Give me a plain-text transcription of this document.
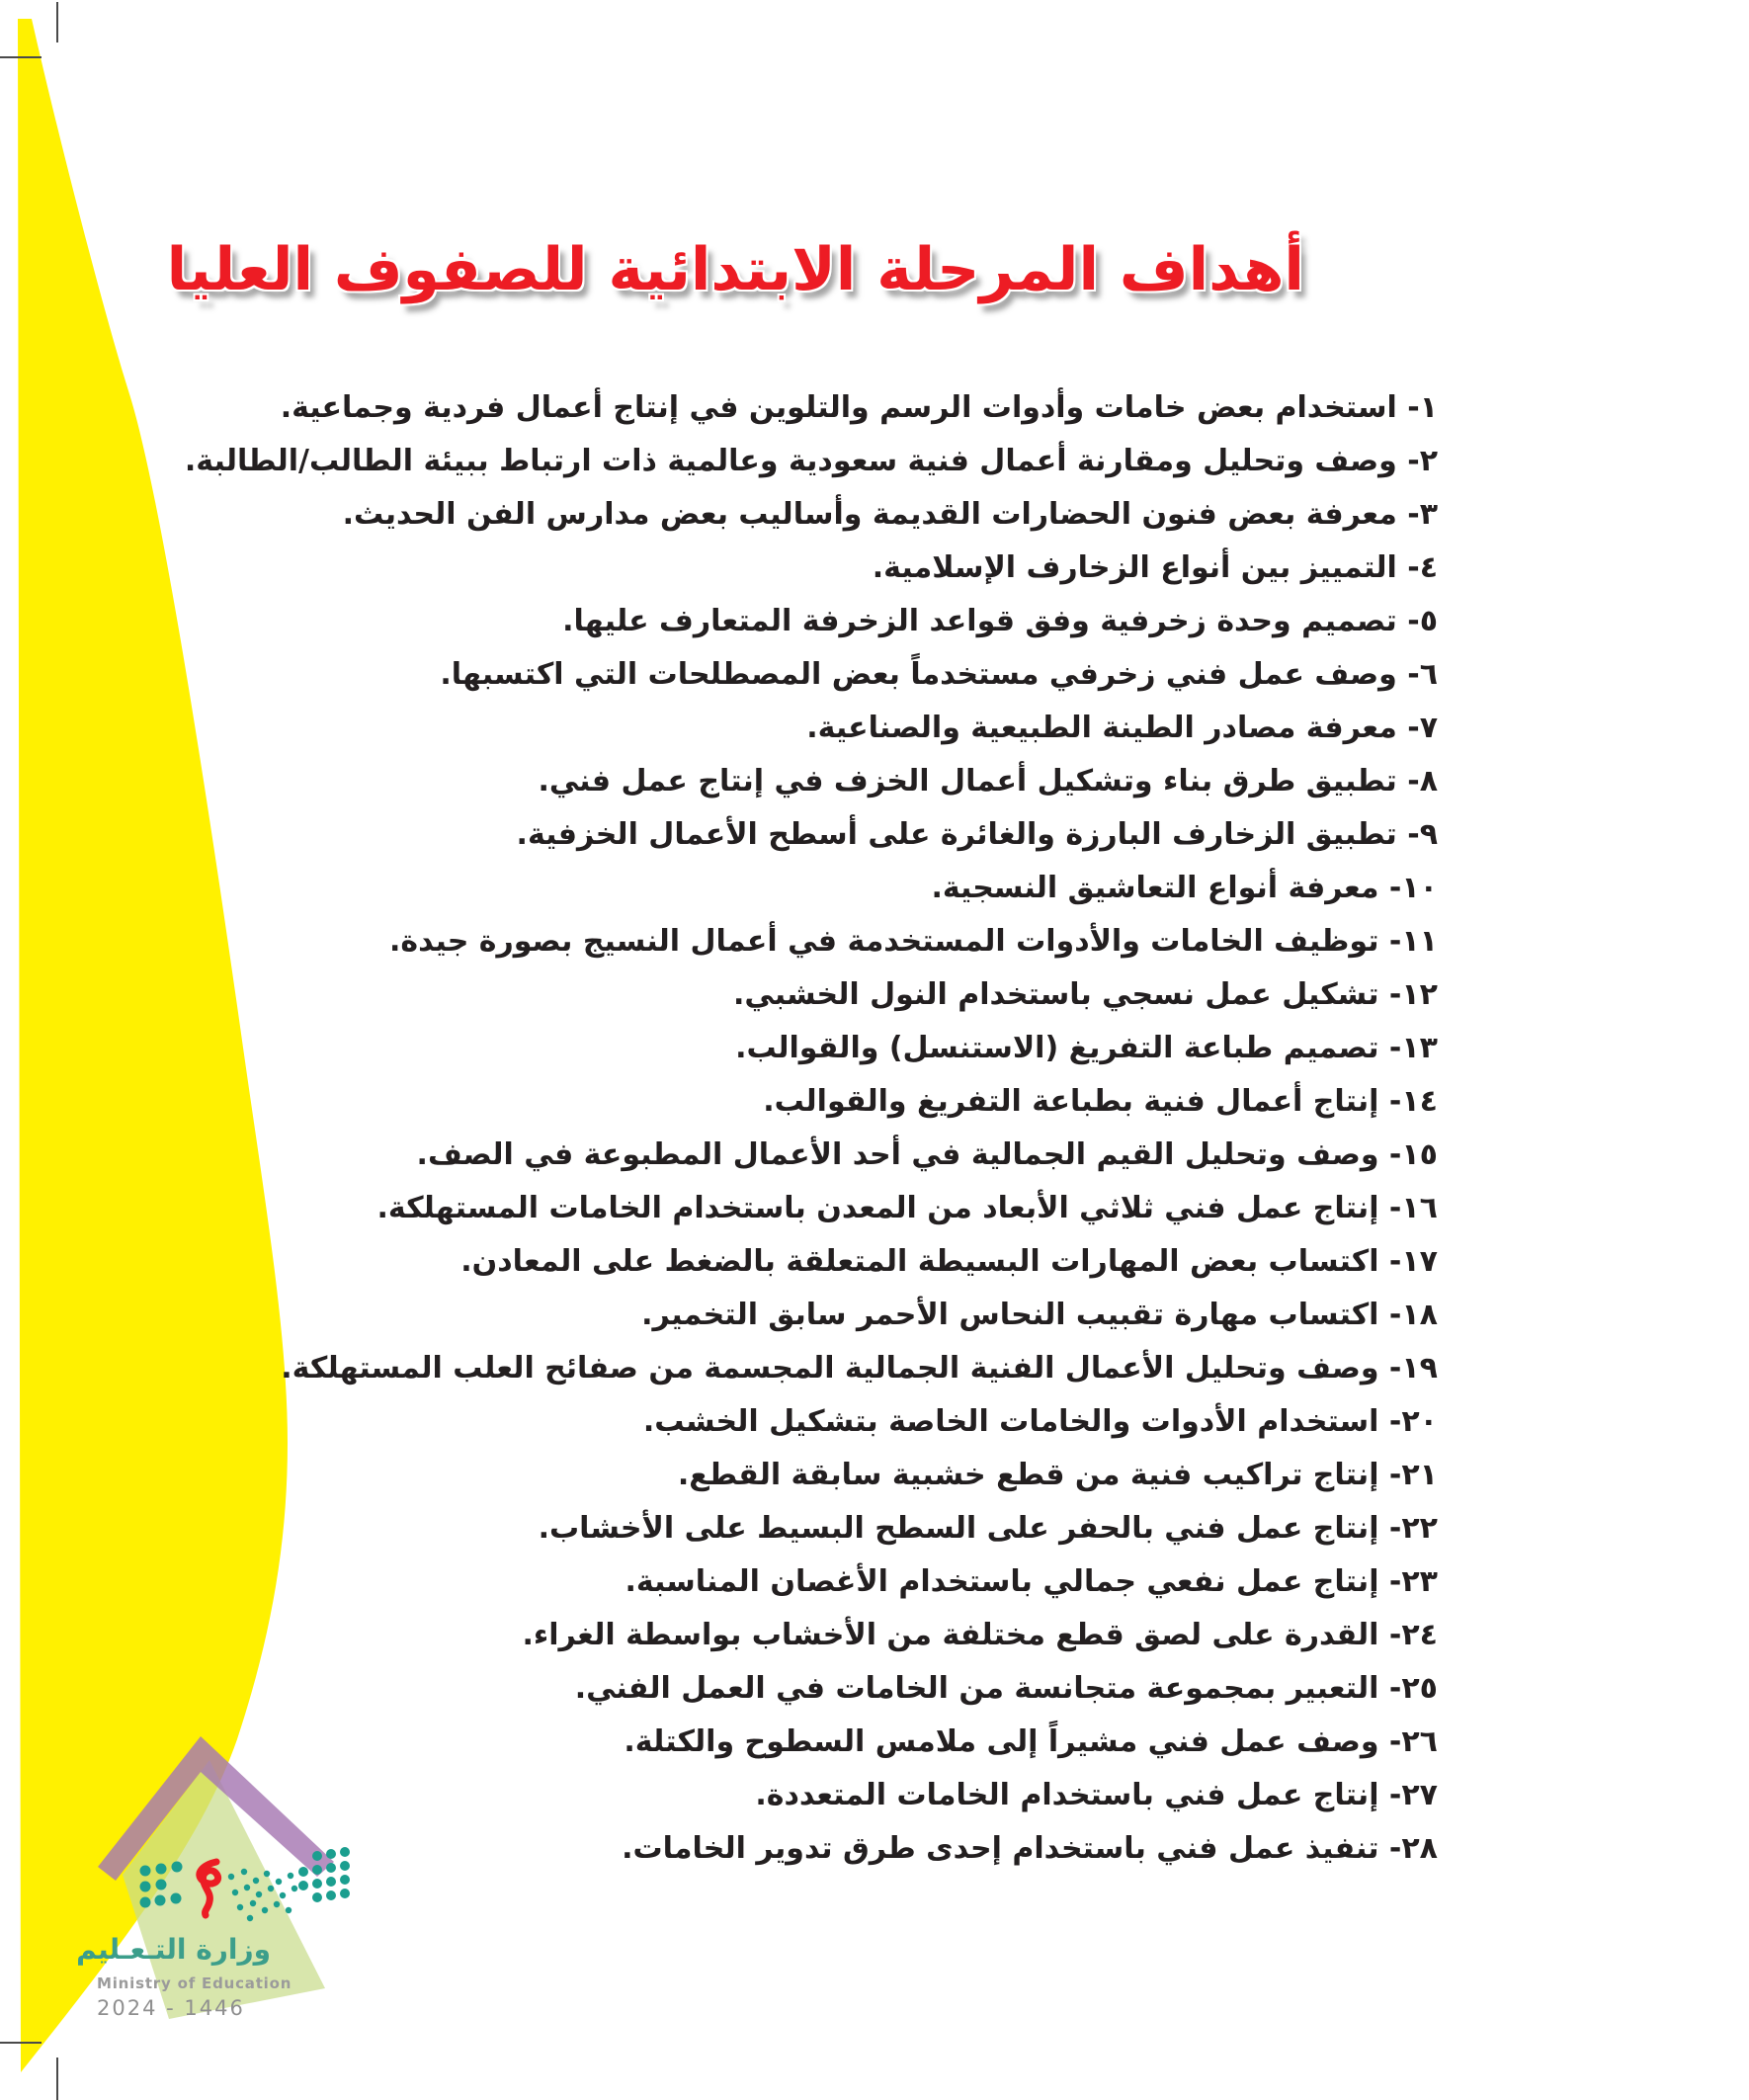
أهداف المرحلة الابتدائية للصفوف العليا
١- استخدام بعض خامات وأدوات الرسم والتلوين في إنتاج أعمال فردية وجماعية.
٢- وصف وتحليل ومقارنة أعمال فنية سعودية وعالمية ذات ارتباط ببيئة الطالب/الطالبة.
٣- معرفة بعض فنون الحضارات القديمة وأساليب بعض مدارس الفن الحديث.
٤- التمييز بين أنواع الزخارف الإسلامية.
٥- تصميم وحدة زخرفية وفق قواعد الزخرفة المتعارف عليها.
٦- وصف عمل فني زخرفي مستخدماً بعض المصطلحات التي اكتسبها.
٧- معرفة مصادر الطينة الطبيعية والصناعية.
٨- تطبيق طرق بناء وتشكيل أعمال الخزف في إنتاج عمل فني.
٩- تطبيق الزخارف البارزة والغائرة على أسطح الأعمال الخزفية.
١٠- معرفة أنواع التعاشيق النسجية.
١١- توظيف الخامات والأدوات المستخدمة في أعمال النسيج بصورة جيدة.
١٢- تشكيل عمل نسجي باستخدام النول الخشبي.
١٣- تصميم طباعة التفريغ (الاستنسل) والقوالب.
١٤- إنتاج أعمال فنية بطباعة التفريغ والقوالب.
١٥- وصف وتحليل القيم الجمالية في أحد الأعمال المطبوعة في الصف.
١٦- إنتاج عمل فني ثلاثي الأبعاد من المعدن باستخدام الخامات المستهلكة.
١٧- اكتساب بعض المهارات البسيطة المتعلقة بالضغط على المعادن.
١٨- اكتساب مهارة تقبيب النحاس الأحمر سابق التخمير.
١٩- وصف وتحليل الأعمال الفنية الجمالية المجسمة من صفائح العلب المستهلكة.
٢٠- استخدام الأدوات والخامات الخاصة بتشكيل الخشب.
٢١- إنتاج تراكيب فنية من قطع خشبية سابقة القطع.
٢٢- إنتاج عمل فني بالحفر على السطح البسيط على الأخشاب.
٢٣- إنتاج عمل نفعي جمالي باستخدام الأغصان المناسبة.
٢٤- القدرة على لصق قطع مختلفة من الأخشاب بواسطة الغراء.
٢٥- التعبير بمجموعة متجانسة من الخامات في العمل الفني.
٢٦- وصف عمل فني مشيراً إلى ملامس السطوح والكتلة.
٢٧- إنتاج عمل فني باستخدام الخامات المتعددة.
٢٨- تنفيذ عمل فني باستخدام إحدى طرق تدوير الخامات.
وزارة التـعـليم
Ministry of Education
2024 - 1446
